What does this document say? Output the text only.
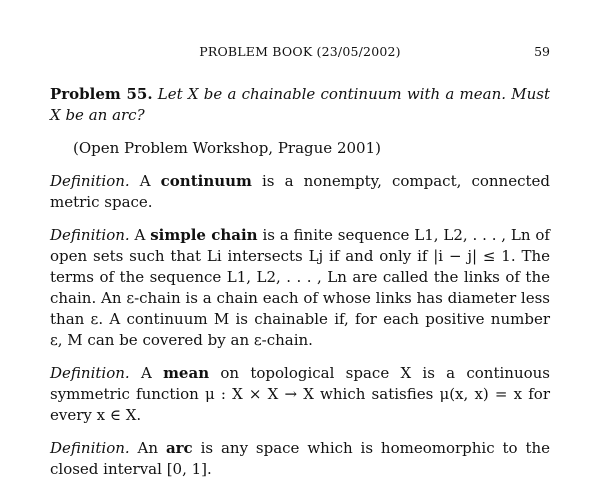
PROBLEM BOOK (23/05/2002)	59

Problem 55. Let X be a chainable continuum with a mean. Must X be an arc?

(Open Problem Workshop, Prague 2001)

Definition. A continuum is a nonempty, compact, connected metric space.

Definition. A simple chain is a finite sequence L1, L2, . . . , Ln of open sets such that Li intersects Lj if and only if |i − j| ≤ 1. The terms of the sequence L1, L2, . . . , Ln are called the links of the chain. An ε-chain is a chain each of whose links has diameter less than ε. A continuum M is chainable if, for each positive number ε, M can be covered by an ε-chain.

Definition. A mean on topological space X is a continuous symmetric function μ : X × X → X which satisfies μ(x, x) = x for every x ∈ X.

Definition. An arc is any space which is homeomorphic to the closed interval [0, 1].
